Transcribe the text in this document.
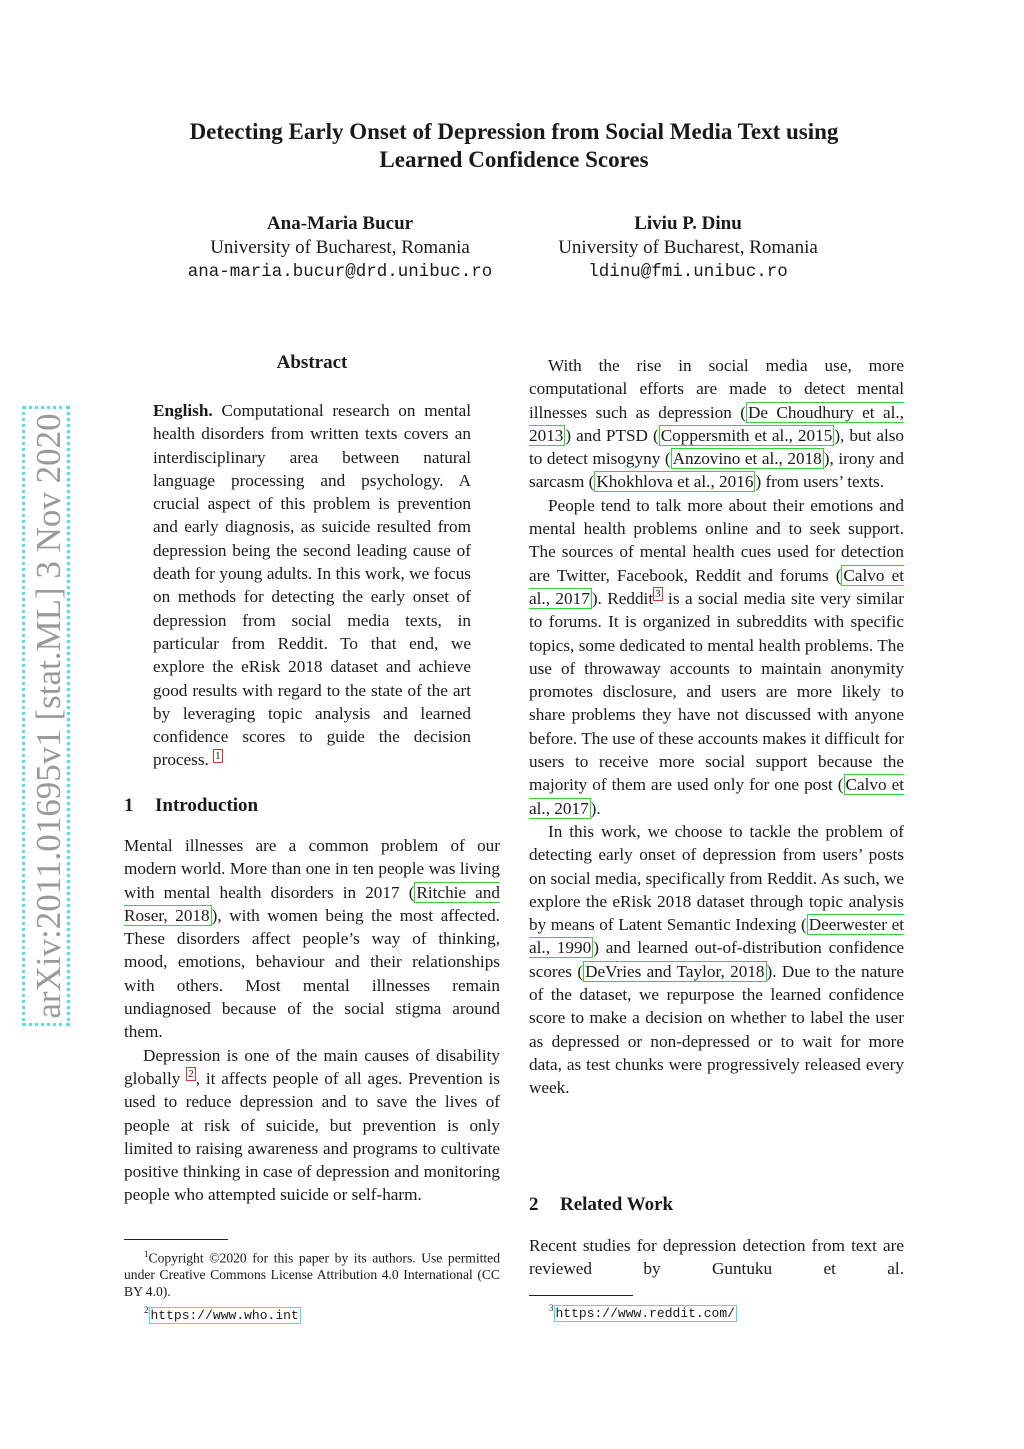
arXiv:2011.01695v1 [stat.ML] 3 Nov 2020
Detecting Early Onset of Depression from Social Media Text using
Learned Confidence Scores
Ana-Maria Bucur
University of Bucharest, Romania
ana-maria.bucur@drd.unibuc.ro
Liviu P. Dinu
University of Bucharest, Romania
ldinu@fmi.unibuc.ro
Abstract

English. Computational research on mental health disorders from written texts covers an interdisciplinary area between natural language processing and psychology. A crucial aspect of this problem is prevention and early diagnosis, as suicide resulted from depression being the second leading cause of death for young adults. In this work, we focus on methods for detecting the early onset of depression from social media texts, in particular from Reddit. To that end, we explore the eRisk 2018 dataset and achieve good results with regard to the state of the art by leveraging topic analysis and learned confidence scores to guide the decision process. $^1$

1 Introduction

Mental illnesses are a common problem of our modern world. More than one in ten people was living with mental health disorders in 2017 ( Ritchie and Roser, 2018 ), with women being the most affected. These disorders affect people’s way of thinking, mood, emotions, behaviour and their relationships with others. Most mental illnesses remain undiagnosed because of the social stigma around them.

Depression is one of the main causes of disability globally $^2$ , it affects people of all ages. Prevention is used to reduce depression and to save the lives of people at risk of suicide, but prevention is only limited to raising awareness and programs to cultivate positive thinking in case of depression and monitoring people who attempted suicide or self-harm.

$^1$Copyright ©2020 for this paper by its authors. Use permitted under Creative Commons License Attribution 4.0 International (CC BY 4.0).

$^2$ https://www.who.int

With the rise in social media use, more computational efforts are made to detect mental illnesses such as depression ( De Choudhury et al., 2013 ) and PTSD ( Coppersmith et al., 2015 ), but also to detect misogyny ( Anzovino et al., 2018 ), irony and sarcasm ( Khokhlova et al., 2016 ) from users’ texts.

People tend to talk more about their emotions and mental health problems online and to seek support. The sources of mental health cues used for detection are Twitter, Facebook, Reddit and forums ( Calvo et al., 2017 ). Reddit $^3$ is a social media site very similar to forums. It is organized in subreddits with specific topics, some dedicated to mental health problems. The use of throwaway accounts to maintain anonymity promotes disclosure, and users are more likely to share problems they have not discussed with anyone before. The use of these accounts makes it difficult for users to receive more social support because the majority of them are used only for one post ( Calvo et al., 2017 ).

In this work, we choose to tackle the problem of detecting early onset of depression from users’ posts on social media, specifically from Reddit. As such, we explore the eRisk 2018 dataset through topic analysis by means of Latent Semantic Indexing ( Deerwester et al., 1990 ) and learned out-of-distribution confidence scores ( DeVries and Taylor, 2018 ). Due to the nature of the dataset, we repurpose the learned confidence score to make a decision on whether to label the user as depressed or non-depressed or to wait for more data, as test chunks were progressively released every week.

2 Related Work

Recent studies for depression detection from text are reviewed by Guntuku et al.

$^3$ https://www.reddit.com/
